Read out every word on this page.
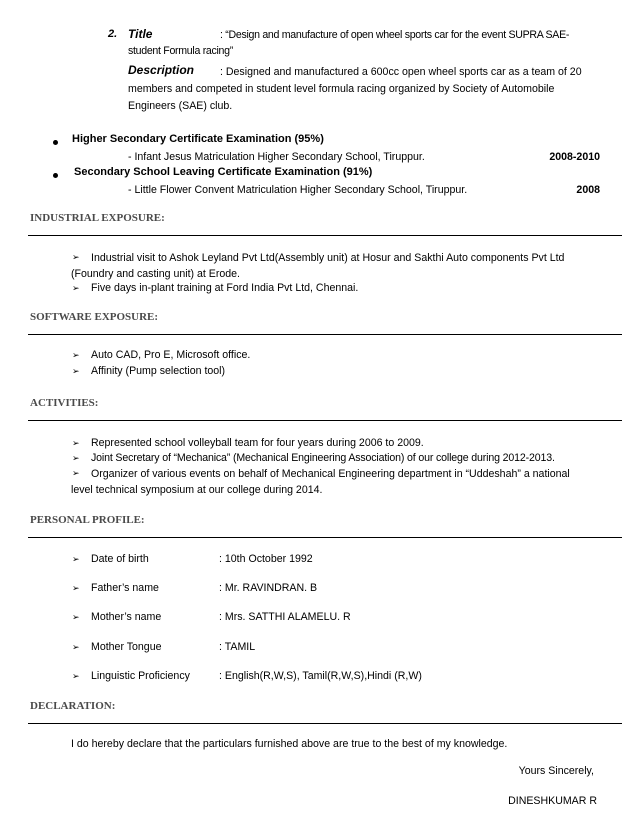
2. Title	: “Design and manufacture of open wheel sports car for the event SUPRA SAE-
student Formula racing”
Description	: Designed and manufactured a 600cc open wheel sports car as a team of 20 members and competed in student level formula racing organized by Society of Automobile Engineers (SAE) club.
Higher Secondary Certificate Examination (95%)
- Infant Jesus Matriculation Higher Secondary School, Tiruppur.	2008-2010
Secondary School Leaving Certificate Examination (91%)
- Little Flower Convent Matriculation Higher Secondary School, Tiruppur.	2008
INDUSTRIAL EXPOSURE:
➢	Industrial visit to Ashok Leyland Pvt Ltd(Assembly unit) at Hosur and Sakthi Auto components Pvt Ltd (Foundry and casting unit) at Erode.
➢ Five days in-plant training at Ford India Pvt Ltd, Chennai.
SOFTWARE EXPOSURE:
➢ Auto CAD, Pro E, Microsoft office.
➢ Affinity (Pump selection tool)
ACTIVITIES:
➢ Represented school volleyball team for four years during 2006 to 2009.
➢ Joint Secretary of “Mechanica” (Mechanical Engineering Association) of our college during 2012-2013.
➢	Organizer of various events on behalf of Mechanical Engineering department in “Uddeshah” a national level technical symposium at our college during 2014.
PERSONAL PROFILE:
➢ Date of birth	: 10th October 1992
➢ Father’s name	: Mr. RAVINDRAN. B
➢ Mother’s name	: Mrs. SATTHI ALAMELU. R
➢ Mother Tongue	: TAMIL
➢ Linguistic Proficiency	: English(R,W,S), Tamil(R,W,S),Hindi (R,W)
DECLARATION:
I do hereby declare that the particulars furnished above are true to the best of my knowledge.
Yours Sincerely,
DINESHKUMAR R
